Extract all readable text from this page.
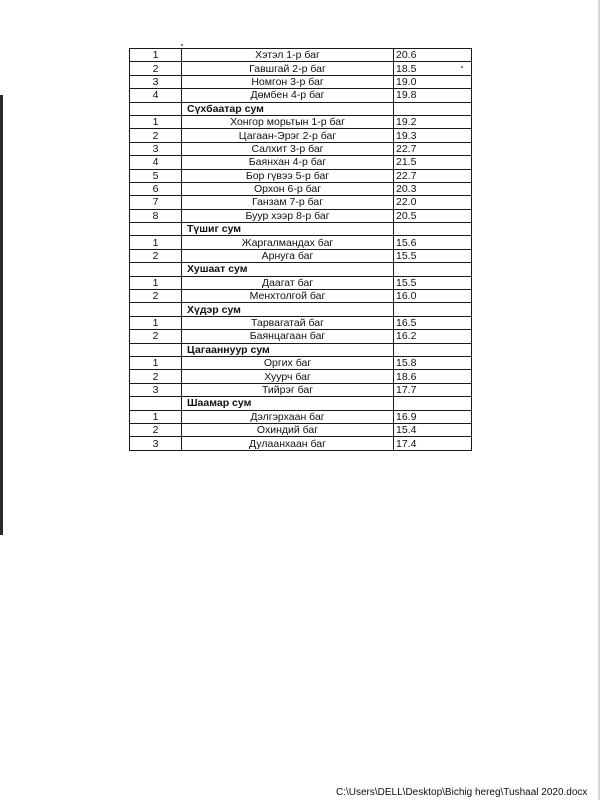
1	Хэтэл 1-р баг	20.6
2	Гавшгай 2-р баг	18.5
3	Номгон 3-р баг	19.0
4	Дөмбен 4-р баг	19.8
	Сүхбаатар сум	
1	Хонгор морьтын 1-р баг	19.2
2	Цагаан-Эрэг 2-р баг	19.3
3	Салхит 3-р баг	22.7
4	Баянхан 4-р баг	21.5
5	Бор гүвээ 5-р баг	22.7
6	Орхон 6-р баг	20.3
7	Ганзам 7-р баг	22.0
8	Буур хээр 8-р баг	20.5
	Түшиг сум	
1	Жаргалмандах баг	15.6
2	Арнуга баг	15.5
	Хушаат сум	
1	Даагат баг	15.5
2	Менхтолгой баг	16.0
	Хүдэр сум	
1	Тарвагатай баг	16.5
2	Баянцагаан баг	16.2
	Цагааннуур сум	
1	Оргих баг	15.8
2	Хуурч баг	18.6
3	Тийрэг баг	17.7
	Шаамар сум	
1	Дэлгэрхаан баг	16.9
2	Охиндий баг	15.4
3	Дулаанхаан баг	17.4
C:\Users\DELL\Desktop\Bichig hereg\Tushaal 2020.docx
